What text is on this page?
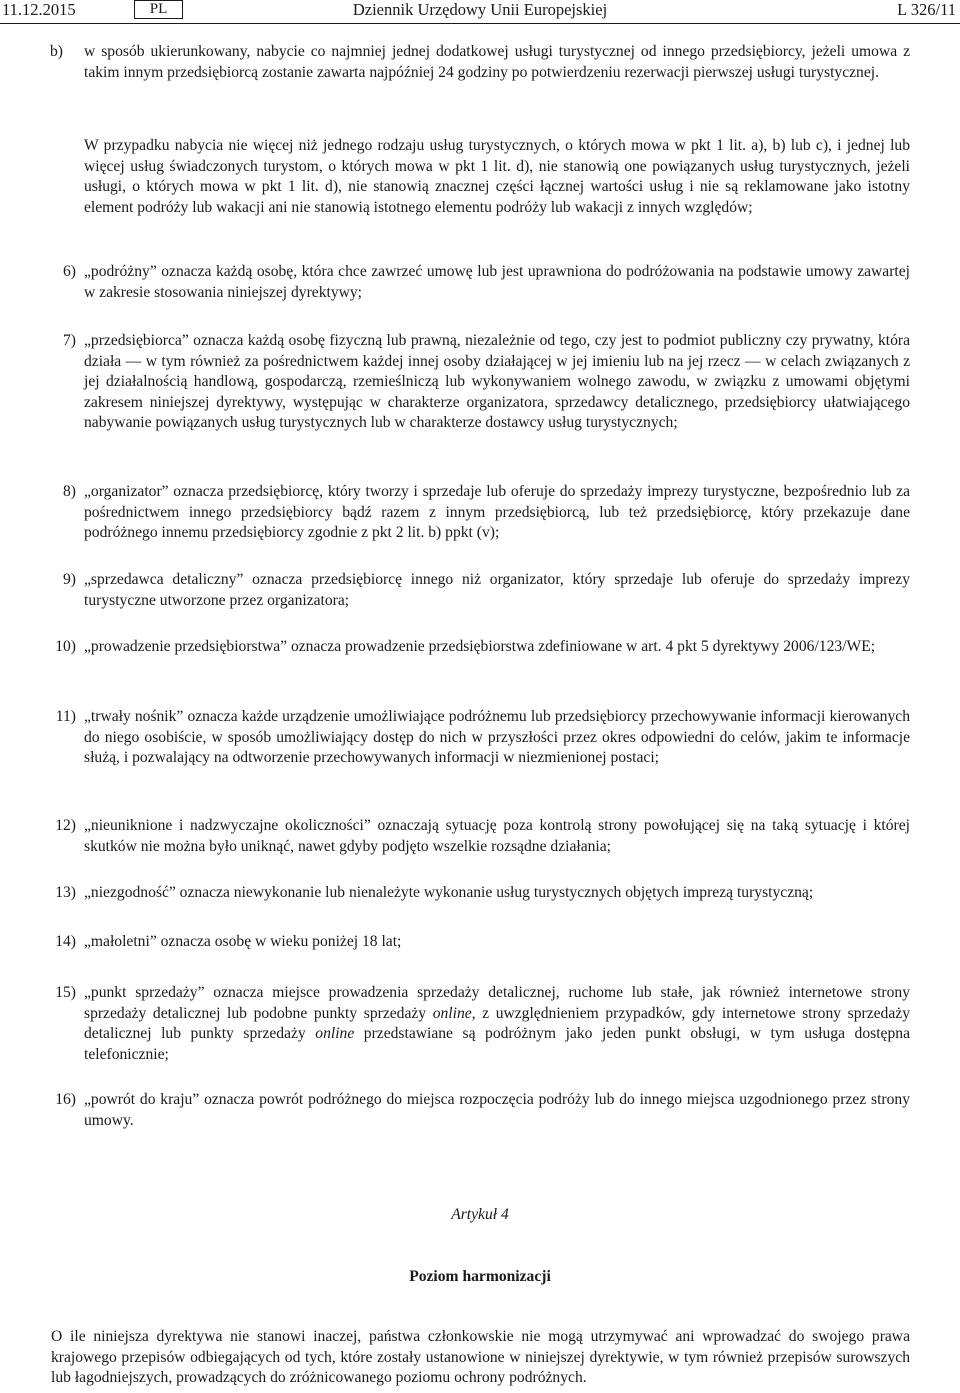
11.12.2015	PL	Dziennik Urzędowy Unii Europejskiej	L 326/11
b) w sposób ukierunkowany, nabycie co najmniej jednej dodatkowej usługi turystycznej od innego przedsiębiorcy, jeżeli umowa z takim innym przedsiębiorcą zostanie zawarta najpóźniej 24 godziny po potwierdzeniu rezerwacji pierwszej usługi turystycznej.
W przypadku nabycia nie więcej niż jednego rodzaju usług turystycznych, o których mowa w pkt 1 lit. a), b) lub c), i jednej lub więcej usług świadczonych turystom, o których mowa w pkt 1 lit. d), nie stanowią one powiązanych usług turystycznych, jeżeli usługi, o których mowa w pkt 1 lit. d), nie stanowią znacznej części łącznej wartości usług i nie są reklamowane jako istotny element podróży lub wakacji ani nie stanowią istotnego elementu podróży lub wakacji z innych względów;
6) „podróżny” oznacza każdą osobę, która chce zawrzeć umowę lub jest uprawniona do podróżowania na podstawie umowy zawartej w zakresie stosowania niniejszej dyrektywy;
7) „przedsiębiorca” oznacza każdą osobę fizyczną lub prawną, niezależnie od tego, czy jest to podmiot publiczny czy prywatny, która działa — w tym również za pośrednictwem każdej innej osoby działającej w jej imieniu lub na jej rzecz — w celach związanych z jej działalnością handlową, gospodarczą, rzemieślniczą lub wykonywaniem wolnego zawodu, w związku z umowami objętymi zakresem niniejszej dyrektywy, występując w charakterze organizatora, sprzedawcy detalicznego, przedsiębiorcy ułatwiającego nabywanie powiązanych usług turystycznych lub w charakterze dostawcy usług turystycznych;
8) „organizator” oznacza przedsiębiorcę, który tworzy i sprzedaje lub oferuje do sprzedaży imprezy turystyczne, bezpośrednio lub za pośrednictwem innego przedsiębiorcy bądź razem z innym przedsiębiorcą, lub też przedsiębiorcę, który przekazuje dane podróżnego innemu przedsiębiorcy zgodnie z pkt 2 lit. b) ppkt (v);
9) „sprzedawca detaliczny” oznacza przedsiębiorcę innego niż organizator, który sprzedaje lub oferuje do sprzedaży imprezy turystyczne utworzone przez organizatora;
10) „prowadzenie przedsiębiorstwa” oznacza prowadzenie przedsiębiorstwa zdefiniowane w art. 4 pkt 5 dyrektywy 2006/123/WE;
11) „trwały nośnik” oznacza każde urządzenie umożliwiające podróżnemu lub przedsiębiorcy przechowywanie informacji kierowanych do niego osobiście, w sposób umożliwiający dostęp do nich w przyszłości przez okres odpowiedni do celów, jakim te informacje służą, i pozwalający na odtworzenie przechowywanych informacji w niezmienionej postaci;
12) „nieuniknione i nadzwyczajne okoliczności” oznaczają sytuację poza kontrolą strony powołującej się na taką sytuację i której skutków nie można było uniknąć, nawet gdyby podjęto wszelkie rozsądne działania;
13) „niezgodność” oznacza niewykonanie lub nienależyte wykonanie usług turystycznych objętych imprezą turystyczną;
14) „małoletni” oznacza osobę w wieku poniżej 18 lat;
15) „punkt sprzedaży” oznacza miejsce prowadzenia sprzedaży detalicznej, ruchome lub stałe, jak również internetowe strony sprzedaży detalicznej lub podobne punkty sprzedaży online, z uwzględnieniem przypadków, gdy internetowe strony sprzedaży detalicznej lub punkty sprzedaży online przedstawiane są podróżnym jako jeden punkt obsługi, w tym usługa dostępna telefonicznie;
16) „powrót do kraju” oznacza powrót podróżnego do miejsca rozpoczęcia podróży lub do innego miejsca uzgodnionego przez strony umowy.
Artykuł 4
Poziom harmonizacji
O ile niniejsza dyrektywa nie stanowi inaczej, państwa członkowskie nie mogą utrzymywać ani wprowadzać do swojego prawa krajowego przepisów odbiegających od tych, które zostały ustanowione w niniejszej dyrektywie, w tym również przepisów surowszych lub łagodniejszych, prowadzących do zróżnicowanego poziomu ochrony podróżnych.
